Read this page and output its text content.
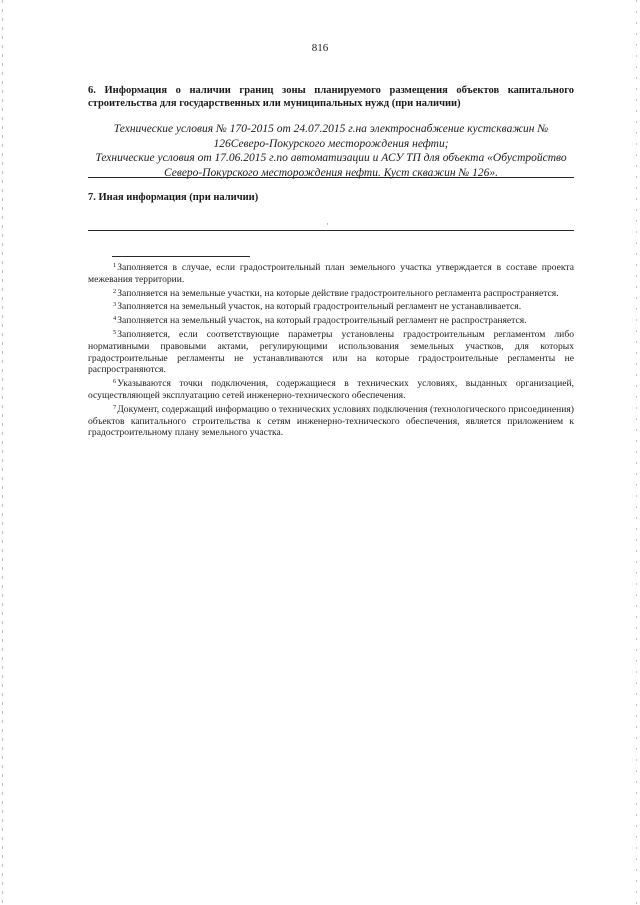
816
6. Информация о наличии границ зоны планируемого размещения объектов капитального строительства для государственных или муниципальных нужд (при наличии)
Технические условия № 170-2015 от 24.07.2015 г.на электроснабжение кустскважин № 126Северо-Покурского месторождения нефти;
Технические условия от 17.06.2015 г.по автоматизации и АСУ ТП для объекта «Обустройство Северо-Покурского месторождения нефти. Куст скважин № 126».
7. Иная информация (при наличии)
·

$^1$Заполняется в случае, если градостроительный план земельного участка утверждается в составе проекта межевания территории.

$^2$Заполняется на земельные участки, на которые действие градостроительного регламента распространяется.

$^3$Заполняется на земельный участок, на который градостроительный регламент не устанавливается.

$^4$Заполняется на земельный участок, на который градостроительный регламент не распространяется.

$^5$Заполняется, если соответствующие параметры установлены градостроительным регламентом либо нормативными правовыми актами, регулирующими использования земельных участков, для которых градостроительные регламенты не устанавливаются или на которые градостроительные регламенты не распространяются.

$^6$Указываются точки подключения, содержащиеся в технических условиях, выданных организацией, осуществляющей эксплуатацию сетей инженерно-технического обеспечения.

$^7$Документ, содержащий информацию о технических условиях подключения (технологического присоединения) объектов капитального строительства к сетям инженерно-технического обеспечения, является приложением к градостроительному плану земельного участка.
